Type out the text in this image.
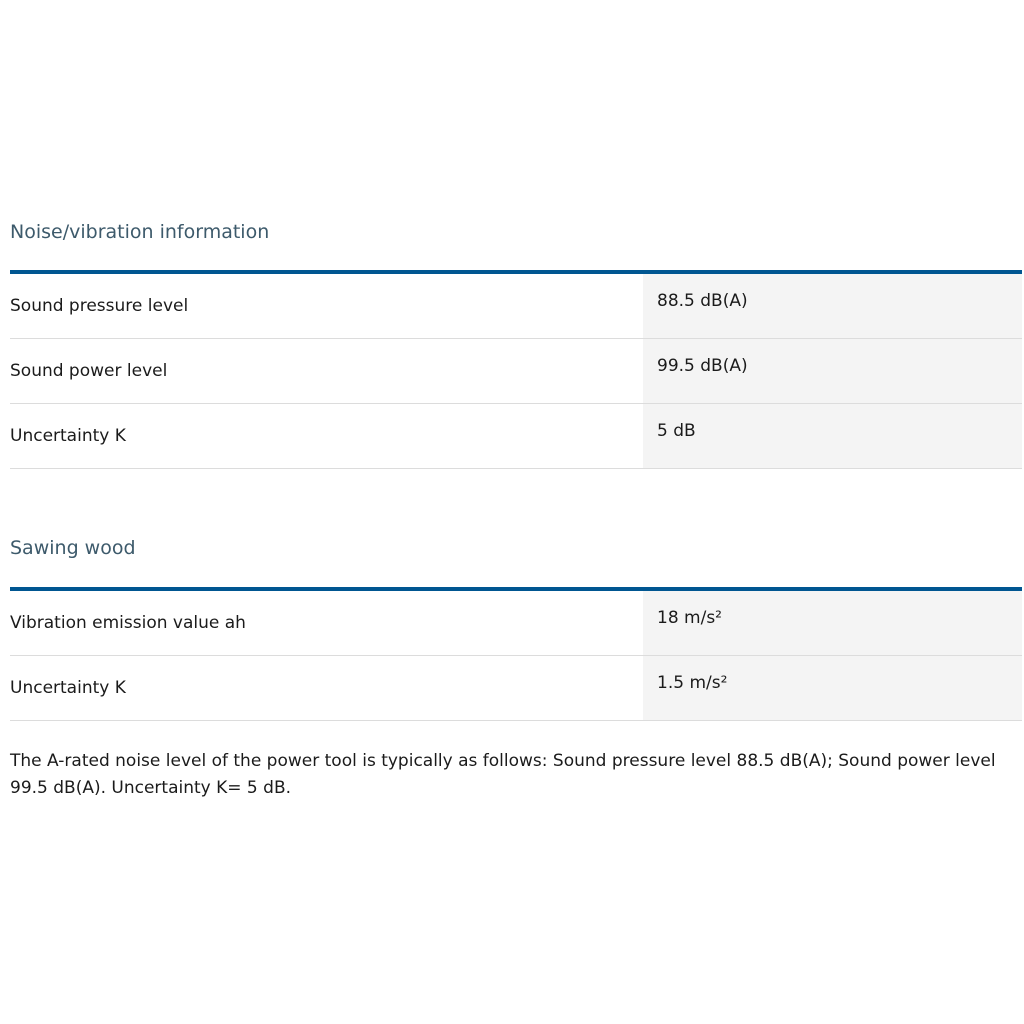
Noise/vibration information
Sound pressure level	88.5 dB(A)
Sound power level	99.5 dB(A)
Uncertainty K	5 dB
Sawing wood
Vibration emission value ah	18 m/s²
Uncertainty K	1.5 m/s²

The A-rated noise level of the power tool is typically as follows: Sound pressure level 88.5 dB(A); Sound power level 99.5 dB(A). Uncertainty K= 5 dB.
